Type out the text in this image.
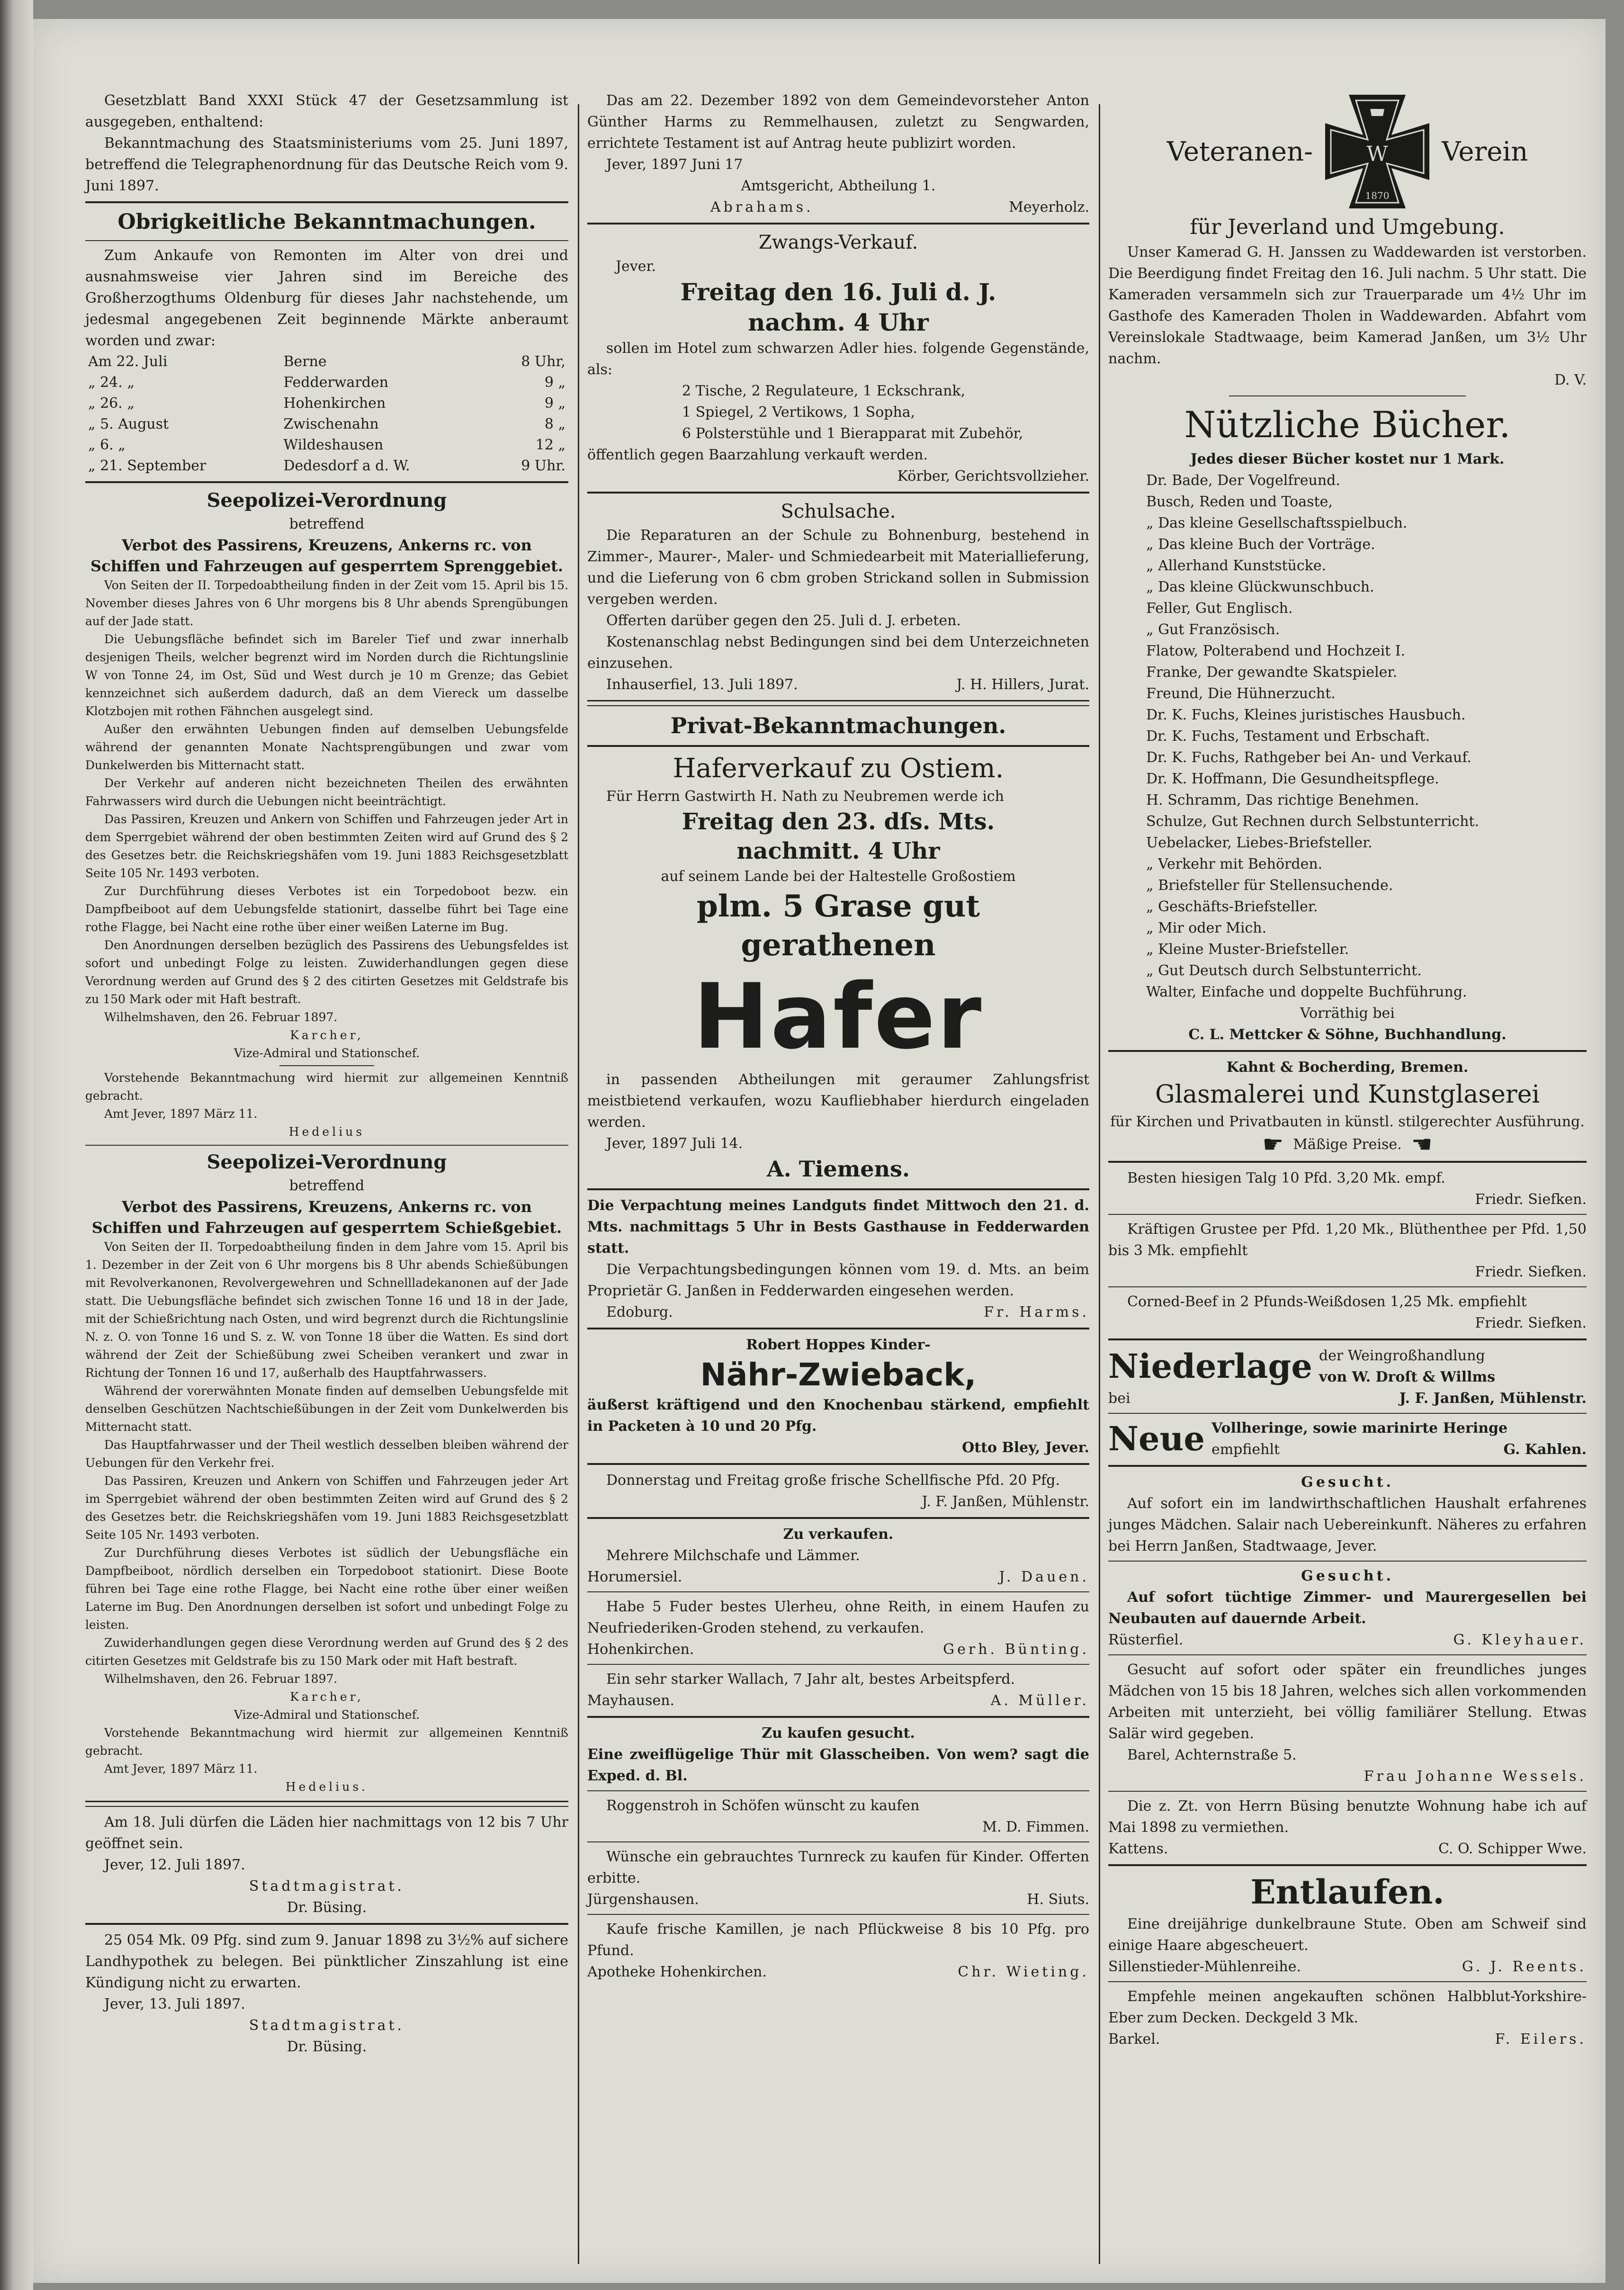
Gesetzblatt Band XXXI Stück 47 der Gesetzsammlung ist ausgegeben, enthaltend:

Bekanntmachung des Staatsministeriums vom 25. Juni 1897, betreffend die Telegraphenordnung für das Deutsche Reich vom 9. Juni 1897.

Obrigkeitliche Bekanntmachungen.

Zum Ankaufe von Remonten im Alter von drei und ausnahmsweise vier Jahren sind im Bereiche des Großherzogthums Oldenburg für dieses Jahr nachstehende, um jedesmal angegebenen Zeit beginnende Märkte anberaumt worden und zwar:

Am 22. Juli	Berne	8 Uhr,
„ 24. „	Fedderwarden	9 „
„ 26. „	Hohenkirchen	9 „
„ 5. August	Zwischenahn	8 „
„ 6. „	Wildeshausen	12 „
„ 21. September	Dedesdorf a d. W.	9 Uhr.

Seepolizei-Verordnung

betreffend

Verbot des Passirens, Kreuzens, Ankerns rc. von Schiffen und Fahrzeugen auf gesperrtem Sprenggebiet.

Von Seiten der II. Torpedoabtheilung finden in der Zeit vom 15. April bis 15. November dieses Jahres von 6 Uhr morgens bis 8 Uhr abends Sprengübungen auf der Jade statt.

Die Uebungsfläche befindet sich im Bareler Tief und zwar innerhalb desjenigen Theils, welcher begrenzt wird im Norden durch die Richtungslinie W von Tonne 24, im Ost, Süd und West durch je 10 m Grenze; das Gebiet kennzeichnet sich außerdem dadurch, daß an dem Viereck um dasselbe Klotzbojen mit rothen Fähnchen ausgelegt sind.

Außer den erwähnten Uebungen finden auf demselben Uebungsfelde während der genannten Monate Nachtsprengübungen und zwar vom Dunkelwerden bis Mitternacht statt.

Der Verkehr auf anderen nicht bezeichneten Theilen des erwähnten Fahrwassers wird durch die Uebungen nicht beeinträchtigt.

Das Passiren, Kreuzen und Ankern von Schiffen und Fahrzeugen jeder Art in dem Sperrgebiet während der oben bestimmten Zeiten wird auf Grund des § 2 des Gesetzes betr. die Reichskriegshäfen vom 19. Juni 1883 Reichsgesetzblatt Seite 105 Nr. 1493 verboten.

Zur Durchführung dieses Verbotes ist ein Torpedoboot bezw. ein Dampfbeiboot auf dem Uebungsfelde stationirt, dasselbe führt bei Tage eine rothe Flagge, bei Nacht eine rothe über einer weißen Laterne im Bug.

Den Anordnungen derselben bezüglich des Passirens des Uebungsfeldes ist sofort und unbedingt Folge zu leisten. Zuwiderhandlungen gegen diese Verordnung werden auf Grund des § 2 des citirten Gesetzes mit Geldstrafe bis zu 150 Mark oder mit Haft bestraft.

Wilhelmshaven, den 26. Februar 1897.

Karcher,

Vize-Admiral und Stationschef.

Vorstehende Bekanntmachung wird hiermit zur allgemeinen Kenntniß gebracht.

Amt Jever, 1897 März 11.

Hedelius

Seepolizei-Verordnung

betreffend

Verbot des Passirens, Kreuzens, Ankerns rc. von Schiffen und Fahrzeugen auf gesperrtem Schießgebiet.

Von Seiten der II. Torpedoabtheilung finden in dem Jahre vom 15. April bis 1. Dezember in der Zeit von 6 Uhr morgens bis 8 Uhr abends Schießübungen mit Revolverkanonen, Revolvergewehren und Schnellladekanonen auf der Jade statt. Die Uebungsfläche befindet sich zwischen Tonne 16 und 18 in der Jade, mit der Schießrichtung nach Osten, und wird begrenzt durch die Richtungslinie N. z. O. von Tonne 16 und S. z. W. von Tonne 18 über die Watten. Es sind dort während der Zeit der Schießübung zwei Scheiben verankert und zwar in Richtung der Tonnen 16 und 17, außerhalb des Hauptfahrwassers.

Während der vorerwähnten Monate finden auf demselben Uebungsfelde mit denselben Geschützen Nachtschießübungen in der Zeit vom Dunkelwerden bis Mitternacht statt.

Das Hauptfahrwasser und der Theil westlich desselben bleiben während der Uebungen für den Verkehr frei.

Das Passiren, Kreuzen und Ankern von Schiffen und Fahrzeugen jeder Art im Sperrgebiet während der oben bestimmten Zeiten wird auf Grund des § 2 des Gesetzes betr. die Reichskriegshäfen vom 19. Juni 1883 Reichsgesetzblatt Seite 105 Nr. 1493 verboten.

Zur Durchführung dieses Verbotes ist südlich der Uebungsfläche ein Dampfbeiboot, nördlich derselben ein Torpedoboot stationirt. Diese Boote führen bei Tage eine rothe Flagge, bei Nacht eine rothe über einer weißen Laterne im Bug. Den Anordnungen derselben ist sofort und unbedingt Folge zu leisten.

Zuwiderhandlungen gegen diese Verordnung werden auf Grund des § 2 des citirten Gesetzes mit Geldstrafe bis zu 150 Mark oder mit Haft bestraft.

Wilhelmshaven, den 26. Februar 1897.

Karcher,

Vize-Admiral und Stationschef.

Vorstehende Bekanntmachung wird hiermit zur allgemeinen Kenntniß gebracht.

Amt Jever, 1897 März 11.

Hedelius.

Am 18. Juli dürfen die Läden hier nachmittags von 12 bis 7 Uhr geöffnet sein.

Jever, 12. Juli 1897.

Stadtmagistrat.

Dr. Büsing.

25 054 Mk. 09 Pfg. sind zum 9. Januar 1898 zu 3½% auf sichere Landhypothek zu belegen. Bei pünktlicher Zinszahlung ist eine Kündigung nicht zu erwarten.

Jever, 13. Juli 1897.

Stadtmagistrat.

Dr. Büsing.

Das am 22. Dezember 1892 von dem Gemeindevorsteher Anton Günther Harms zu Remmelhausen, zuletzt zu Sengwarden, errichtete Testament ist auf Antrag heute publizirt worden.

Jever, 1897 Juni 17

Amtsgericht, Abtheilung 1.

Abrahams.	Meyerholz.

Zwangs-Verkauf.

Jever.

Freitag den 16. Juli d. J.

nachm. 4 Uhr

sollen im Hotel zum schwarzen Adler hies. folgende Gegenstände, als:

2 Tische, 2 Regulateure, 1 Eckschrank,

1 Spiegel, 2 Vertikows, 1 Sopha,

6 Polsterstühle und 1 Bierapparat mit Zubehör,

öffentlich gegen Baarzahlung verkauft werden.

Körber, Gerichtsvollzieher.

Schulsache.

Die Reparaturen an der Schule zu Bohnenburg, bestehend in Zimmer-, Maurer-, Maler- und Schmiedearbeit mit Materiallieferung, und die Lieferung von 6 cbm groben Strickand sollen in Submission vergeben werden.

Offerten darüber gegen den 25. Juli d. J. erbeten.

Kostenanschlag nebst Bedingungen sind bei dem Unterzeichneten einzusehen.

Inhauserfiel, 13. Juli 1897.	J. H. Hillers, Jurat.

Privat-Bekanntmachungen.

Haferverkauf zu Ostiem.

Für Herrn Gastwirth H. Nath zu Neubremen werde ich

Freitag den 23. dſs. Mts.

nachmitt. 4 Uhr

auf seinem Lande bei der Haltestelle Großostiem

plm. 5 Grase gut

gerathenen

Hafer

in passenden Abtheilungen mit geraumer Zahlungsfrist meistbietend verkaufen, wozu Kaufliebhaber hierdurch eingeladen werden.

Jever, 1897 Juli 14.

A. Tiemens.

Die Verpachtung meines Landguts findet Mittwoch den 21. d. Mts. nachmittags 5 Uhr in Bests Gasthause in Fedderwarden statt.

Die Verpachtungsbedingungen können vom 19. d. Mts. an beim Proprietär G. Janßen in Fedderwarden eingesehen werden.

Edoburg.	Fr. Harms.

Robert Hoppes Kinder-

Nähr-Zwieback,

äußerst kräftigend und den Knochenbau stärkend, empfiehlt in Packeten à 10 und 20 Pfg.

Otto Bley, Jever.

Donnerstag und Freitag große frische Schellfische Pfd. 20 Pfg.

J. F. Janßen, Mühlenstr.

Zu verkaufen.

Mehrere Milchschafe und Lämmer.

Horumersiel.	J. Dauen.

Habe 5 Fuder bestes Ulerheu, ohne Reith, in einem Haufen zu Neufriederiken-Groden stehend, zu verkaufen.

Hohenkirchen.	Gerh. Bünting.

Ein sehr starker Wallach, 7 Jahr alt, bestes Arbeitspferd.

Mayhausen.	A. Müller.

Zu kaufen gesucht.

Eine zweiflügelige Thür mit Glasscheiben. Von wem? sagt die Exped. d. Bl.

Roggenstroh in Schöfen wünscht zu kaufen

M. D. Fimmen.

Wünsche ein gebrauchtes Turnreck zu kaufen für Kinder. Offerten erbitte.

Jürgenshausen.	H. Siuts.

Kaufe frische Kamillen, je nach Pflückweise 8 bis 10 Pfg. pro Pfund.

Apotheke Hohenkirchen.	Chr. Wieting.
Veteranen-	W
1870
Verein

für Jeverland und Umgebung.

Unser Kamerad G. H. Janssen zu Waddewarden ist verstorben. Die Beerdigung findet Freitag den 16. Juli nachm. 5 Uhr statt. Die Kameraden versammeln sich zur Trauerparade um 4½ Uhr im Gasthofe des Kameraden Tholen in Waddewarden. Abfahrt vom Vereinslokale Stadtwaage, beim Kamerad Janßen, um 3½ Uhr nachm.

D. V.

Nützliche Bücher.

Jedes dieser Bücher kostet nur 1 Mark.

Dr. Bade, Der Vogelfreund.

Busch, Reden und Toaste,

„ Das kleine Gesellschaftsspielbuch.

„ Das kleine Buch der Vorträge.

„ Allerhand Kunststücke.

„ Das kleine Glückwunschbuch.

Feller, Gut Englisch.

„ Gut Französisch.

Flatow, Polterabend und Hochzeit I.

Franke, Der gewandte Skatspieler.

Freund, Die Hühnerzucht.

Dr. K. Fuchs, Kleines juristisches Hausbuch.

Dr. K. Fuchs, Testament und Erbschaft.

Dr. K. Fuchs, Rathgeber bei An- und Verkauf.

Dr. K. Hoffmann, Die Gesundheitspflege.

H. Schramm, Das richtige Benehmen.

Schulze, Gut Rechnen durch Selbstunterricht.

Uebelacker, Liebes-Briefsteller.

„ Verkehr mit Behörden.

„ Briefsteller für Stellensuchende.

„ Geschäfts-Briefsteller.

„ Mir oder Mich.

„ Kleine Muster-Briefsteller.

„ Gut Deutsch durch Selbstunterricht.

Walter, Einfache und doppelte Buchführung.

Vorräthig bei

C. L. Mettcker & Söhne, Buchhandlung.

Kahnt & Bocherding, Bremen.

Glasmalerei und Kunstglaserei

für Kirchen und Privatbauten in künstl. stilgerechter Ausführung.

☛ Mäßige Preise. ☚

Besten hiesigen Talg 10 Pfd. 3,20 Mk. empf.

Friedr. Siefken.

Kräftigen Grustee per Pfd. 1,20 Mk., Blüthenthee per Pfd. 1,50 bis 3 Mk. empfiehlt

Friedr. Siefken.

Corned-Beef in 2 Pfunds-Weißdosen 1,25 Mk. empfiehlt

Friedr. Siefken.

Niederlage der Weingroßhandlung

von W. Droſt & Willms

bei	J. F. Janßen, Mühlenstr.
Neue Vollheringe, sowie marinirte Heringe

empfiehlt	G. Kahlen.

Gesucht.

Auf sofort ein im landwirthschaftlichen Haushalt erfahrenes junges Mädchen. Salair nach Uebereinkunft. Näheres zu erfahren bei Herrn Janßen, Stadtwaage, Jever.

Gesucht.

Auf sofort tüchtige Zimmer- und Maurergesellen bei Neubauten auf dauernde Arbeit.

Rüsterfiel.	G. Kleyhauer.

Gesucht auf sofort oder später ein freundliches junges Mädchen von 15 bis 18 Jahren, welches sich allen vorkommenden Arbeiten mit unterzieht, bei völlig familiärer Stellung. Etwas Salär wird gegeben.

Barel, Achternstraße 5.

Frau Johanne Wessels.

Die z. Zt. von Herrn Büsing benutzte Wohnung habe ich auf Mai 1898 zu vermiethen.

Kattens.	C. O. Schipper Wwe.

Entlaufen.

Eine dreijährige dunkelbraune Stute. Oben am Schweif sind einige Haare abgescheuert.

Sillenstieder-Mühlenreihe.	G. J. Reents.

Empfehle meinen angekauften schönen Halbblut-Yorkshire-Eber zum Decken. Deckgeld 3 Mk.

Barkel.	F. Eilers.
